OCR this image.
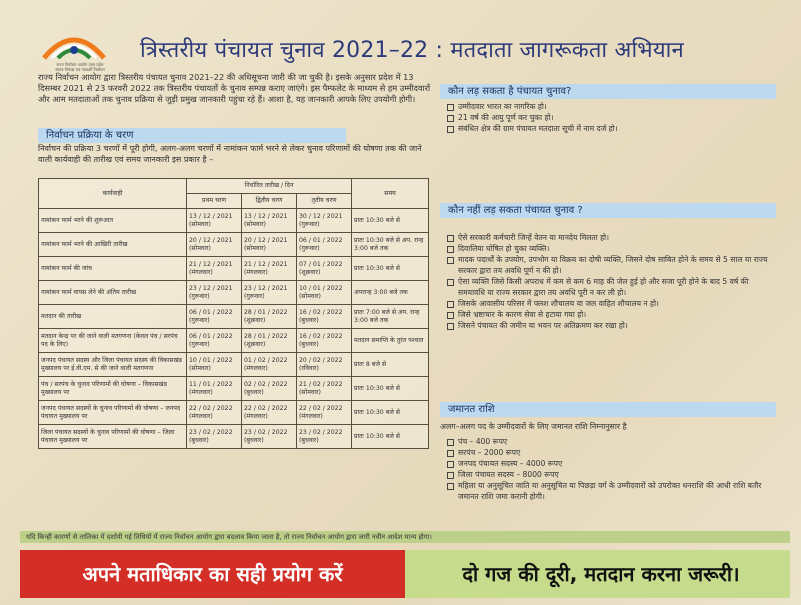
राज्य निर्वाचन आयोग उत्तर प्रदेश
स्वतंत्र निष्पक्ष एवं पारदर्शी निर्वाचन
त्रिस्तरीय पंचायत चुनाव 2021–22 : मतदाता जागरूकता अभियान
राज्य निर्वाचन आयोग द्वारा त्रिस्तरीय पंचायत चुनाव 2021–22 की अधिसूचना जारी की जा चुकी है। इसके अनुसार प्रदेश में 13 दिसम्बर 2021 से 23 फरवरी 2022 तक त्रिस्तरीय पंचायतों के चुनाव सम्पन्न कराए जाएंगे। इस पैम्फलेट के माध्यम से हम उम्मीदवारों और आम मतदाताओं तक चुनाव प्रक्रिया से जुड़ी प्रमुख जानकारी पहुंचा रहे हैं। आशा है, यह जानकारी आपके लिए उपयोगी होगी।
निर्वाचन प्रक्रिया के चरण
निर्वाचन की प्रक्रिया 3 चरणों में पूरी होगी, अलग-अलग चरणों में नामांकन फार्म भरने से लेकर चुनाव परिणामों की घोषणा तक की जाने वाली कार्यवाही की तारीख एवं समय जानकारी इस प्रकार है –
कार्यवाही	निर्धारित तारीख / दिन			समय
	प्रथम चरण	द्वितीय चरण	तृतीय चरण	
नामांकन फार्म भरने की शुरूआत	13 / 12 / 2021 (सोमवार)	13 / 12 / 2021 (सोमवार)	30 / 12 / 2021 (गुरूवार)	प्रातः 10:30 बजे से
नामांकन फार्म भरने की आखिरी तारीख	20 / 12 / 2021 (सोमवार)	20 / 12 / 2021 (सोमवार)	06 / 01 / 2022 (गुरूवार)	प्रातः 10:30 बजे से अप. रान्ह 3:00 बजे तक
नामांकन फार्म की जांच	21 / 12 / 2021 (मंगलवार)	21 / 12 / 2021 (मंगलवार)	07 / 01 / 2022 (शुक्रवार)	प्रातः 10:30 बजे से
नामांकन फार्म वापस लेने की अंतिम तारीख	23 / 12 / 2021 (गुरूवार)	23 / 12 / 2021 (गुरूवार)	10 / 01 / 2022 (सोमवार)	अपरान्ह 3:00 बजे तक
मतदान की तारीख	06 / 01 / 2022 (गुरूवार)	28 / 01 / 2022 (शुक्रवार)	16 / 02 / 2022 (बुधवार)	प्रातः 7:00 बजे से अप. रान्ह 3:00 बजे तक
मतदान केन्द्र पर की जाने वाली मतगणना (केवल पंच / सरपंच पद के लिए)	06 / 01 / 2022 (गुरूवार)	28 / 01 / 2022 (शुक्रवार)	16 / 02 / 2022 (बुधवार)	मतदान समाप्ति के तुरंत पश्चात
जनपद पंचायत सदस्य और जिला पंचायत सदस्य की विकासखंड मुख्यालय पर ई.वी.एम. से की जाने वाली मतगणना	10 / 01 / 2022 (सोमवार)	01 / 02 / 2022 (मंगलवार)	20 / 02 / 2022 (रविवार)	प्रातः 8 बजे से
पंच / सरपंच के चुनाव परिणामों की घोषणा – विकासखंड मुख्यालय पर	11 / 01 / 2022 (मंगलवार)	02 / 02 / 2022 (बुधवार)	21 / 02 / 2022 (सोमवार)	प्रातः 10:30 बजे से
जनपद पंचायत सदस्यों के चुनाव परिणामों की घोषणा – जनपद पंचायत मुख्यालय पर	22 / 02 / 2022 (मंगलवार)	22 / 02 / 2022 (मंगलवार)	22 / 02 / 2022 (मंगलवार)	प्रातः 10:30 बजे से
जिला पंचायत सदस्यों के चुनाव परिणामों की घोषणा – जिला पंचायत मुख्यालय पर	23 / 02 / 2022 (बुधवार)	23 / 02 / 2022 (बुधवार)	23 / 02 / 2022 (बुधवार)	प्रातः 10:30 बजे से
कौन लड़ सकता है पंचायत चुनाव?
उम्मीदवार भारत का नागरिक हो।
21 वर्ष की आयु पूर्ण कर चुका हो।
संबंधित क्षेत्र की ग्राम पंचायत मतदाता सूची में नाम दर्ज हो।
कौन नहीं लड़ सकता पंचायत चुनाव ?
ऐसे सरकारी कर्मचारी जिन्हें वेतन या मानदेय मिलता हो।
दिवालिया घोषित हो चुका व्यक्ति।
मादक पदार्थों के उपयोग, उपभोग या विक्रय का दोषी व्यक्ति, जिसने दोष साबित होने के समय से 5 साल या राज्य सरकार द्वारा तय अवधि पूर्ण न की हो।
ऐसा व्यक्ति जिसे किसी अपराध में कम से कम 6 माह की जेल हुई हो और सजा पूरी होने के बाद 5 वर्ष की समयावधि या राज्य सरकार द्वारा तय अवधि पूरी न कर ली हो।
जिसके आवासीय परिसर में फ्लश शौचालय या जल वाहित शौचालय न हो।
जिसे भ्रष्टाचार के कारण सेवा से हटाया गया हो।
जिसने पंचायत की जमीन या भवन पर अतिक्रमण कर रखा हो।
जमानत राशि
अलग–अलग पद के उम्मीदवारों के लिए जमानत राशि निम्नानुसार है
पंच – 400 रूपए
सरपंच – 2000 रूपए
जनपद पंचायत सदस्य – 4000 रूपए
जिला पंचायत सदस्य – 8000 रूपए
महिला या अनुसूचित जाति या अनुसूचित या पिछड़ा वर्ग के उम्मीदवारों को उपरोक्त धनराशि की आधी राशि बतौर जमानत राशि जमा करानी होगी।
यदि किन्हीं कारणों से तालिका में दर्शायी गई तिथियों में राज्य निर्वाचन आयोग द्वारा बदलाव किया जाता है, तो राज्य निर्वाचन आयोग द्वारा जारी नवीन आदेश मान्य होगा।
अपने मताधिकार का सही प्रयोग करें	दो गज की दूरी, मतदान करना जरूरी।
